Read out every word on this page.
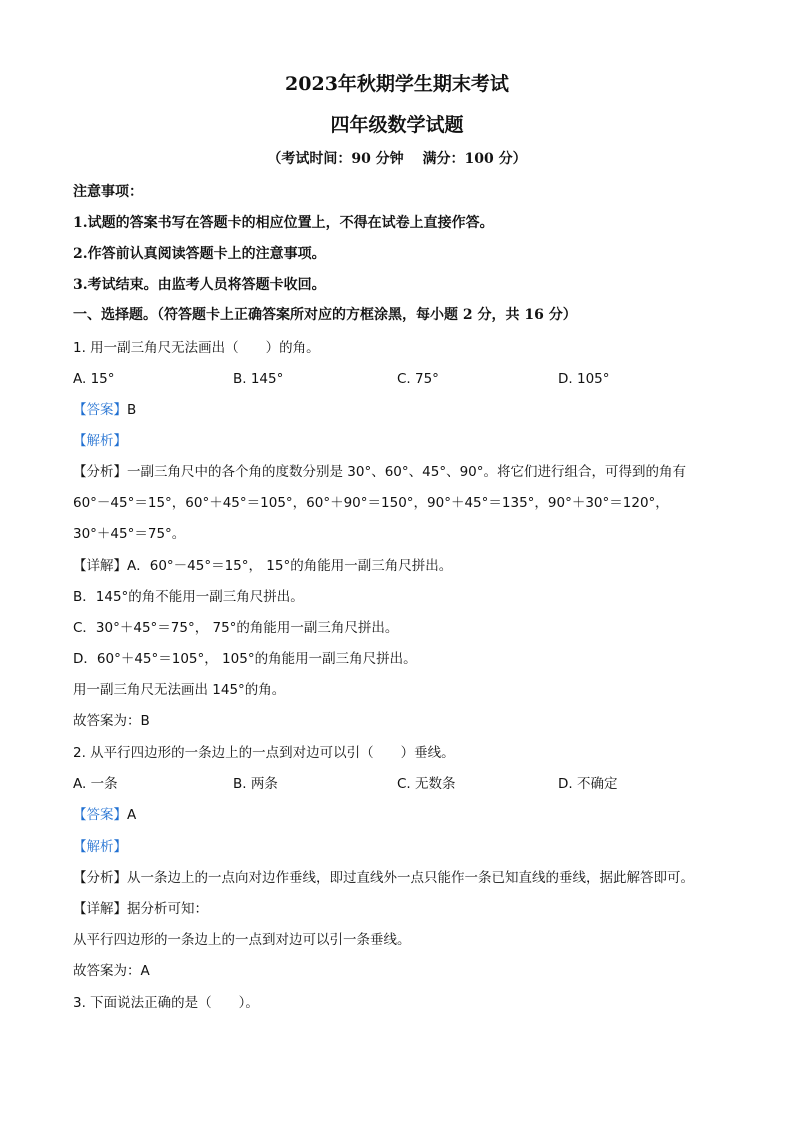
2023年秋期学生期末考试
四年级数学试题
（考试时间：90 分钟　 满分：100 分）
注意事项：
1.试题的答案书写在答题卡的相应位置上，不得在试卷上直接作答。
2.作答前认真阅读答题卡上的注意事项。
3.考试结束。由监考人员将答题卡收回。
一、选择题。（符答题卡上正确答案所对应的方框涂黑，每小题 2 分，共 16 分）
1. 用一副三角尺无法画出（　　）的角。
A. 15°	B. 145°	C. 75°	D. 105°
【答案】B
【解析】
【分析】一副三角尺中的各个角的度数分别是 30°、60°、45°、90°。将它们进行组合，可得到的角有
60°－45°＝15°，60°＋45°＝105°，60°＋90°＝150°，90°＋45°＝135°，90°＋30°＝120°，
30°＋45°＝75°。
【详解】A．60°－45°＝15°， 15°的角能用一副三角尺拼出。
B．145°的角不能用一副三角尺拼出。
C．30°＋45°＝75°， 75°的角能用一副三角尺拼出。
D．60°＋45°＝105°， 105°的角能用一副三角尺拼出。
用一副三角尺无法画出 145°的角。
故答案为：B
2. 从平行四边形的一条边上的一点到对边可以引（　　）垂线。
A. 一条	B. 两条	C. 无数条	D. 不确定
【答案】A
【解析】
【分析】从一条边上的一点向对边作垂线，即过直线外一点只能作一条已知直线的垂线，据此解答即可。
【详解】据分析可知：
从平行四边形的一条边上的一点到对边可以引一条垂线。
故答案为：A
3. 下面说法正确的是（　　）。
